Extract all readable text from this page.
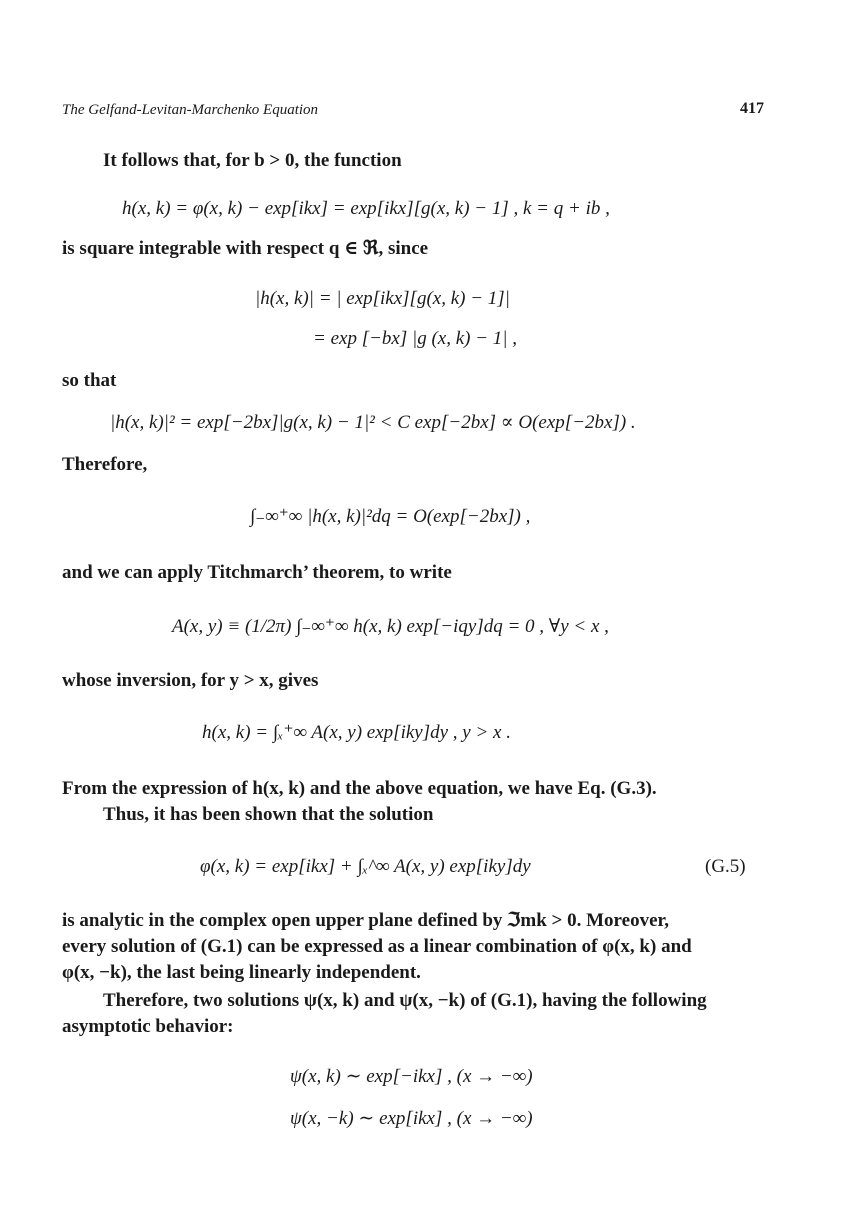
The Gelfand-Levitan-Marchenko Equation	417
It follows that, for b > 0, the function
h(x, k) = φ(x, k) − exp[ikx] = exp[ikx][g(x, k) − 1] , k = q + ib ,
is square integrable with respect q ∈ ℜ, since
|h(x, k)| = | exp[ikx][g(x, k) − 1]|
= exp [−bx] |g (x, k) − 1| ,
so that
|h(x, k)|² = exp[−2bx]|g(x, k) − 1|² < C exp[−2bx] ∝ O(exp[−2bx]) .
Therefore,
∫₋∞⁺∞ |h(x, k)|²dq = O(exp[−2bx]) ,
and we can apply Titchmarch’ theorem, to write
A(x, y) ≡ (1/2π) ∫₋∞⁺∞ h(x, k) exp[−iqy]dq = 0 , ∀y < x ,
whose inversion, for y > x, gives
h(x, k) = ∫ₓ⁺∞ A(x, y) exp[iky]dy , y > x .
From the expression of h(x, k) and the above equation, we have Eq. (G.3).
Thus, it has been shown that the solution
φ(x, k) = exp[ikx] + ∫ₓ^∞ A(x, y) exp[iky]dy	(G.5)
is analytic in the complex open upper plane defined by ℑmk > 0. Moreover,
every solution of (G.1) can be expressed as a linear combination of φ(x, k) and
φ(x, −k), the last being linearly independent.
Therefore, two solutions ψ(x, k) and ψ(x, −k) of (G.1), having the following
asymptotic behavior:
ψ(x, k) ∼ exp[−ikx] , (x → −∞)
ψ(x, −k) ∼ exp[ikx] , (x → −∞)
